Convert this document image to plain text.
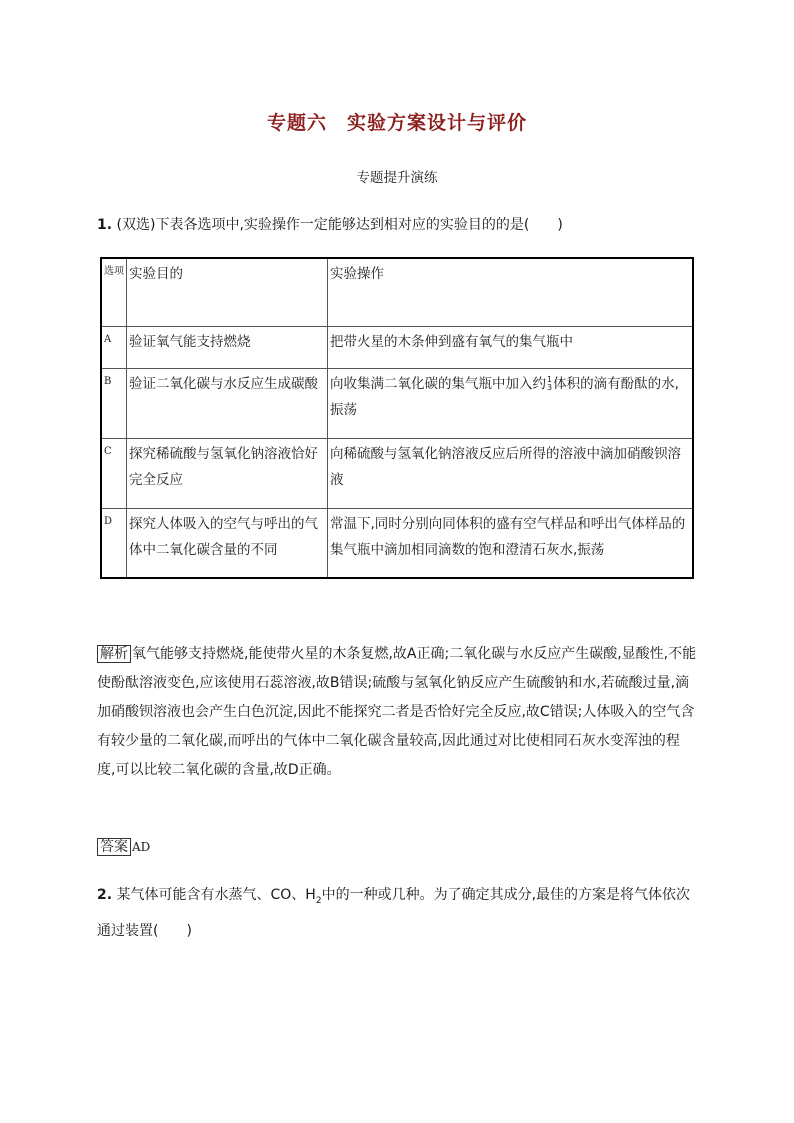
专题六　实验方案设计与评价
专题提升演练
1. (双选)下表各选项中,实验操作一定能够达到相对应的实验目的的是(　　)
选项	实验目的	实验操作
A	验证氧气能支持燃烧	把带火星的木条伸到盛有氧气的集气瓶中
B	验证二氧化碳与水反应生成碳酸	向收集满二氧化碳的集气瓶中加入约 1
3 体积的滴有酚酞的水,振荡
C	探究稀硫酸与氢氧化钠溶液恰好完全反应	向稀硫酸与氢氧化钠溶液反应后所得的溶液中滴加硝酸钡溶液
D	探究人体吸入的空气与呼出的气体中二氧化碳含量的不同	常温下,同时分别向同体积的盛有空气样品和呼出气体样品的集气瓶中滴加相同滴数的饱和澄清石灰水,振荡
解析 氧气能够支持燃烧,能使带火星的木条复燃,故A正确;二氧化碳与水反应产生碳酸,显酸性,不能使酚酞溶液变色,应该使用石蕊溶液,故B错误;硫酸与氢氧化钠反应产生硫酸钠和水,若硫酸过量,滴加硝酸钡溶液也会产生白色沉淀,因此不能探究二者是否恰好完全反应,故C错误;人体吸入的空气含有较少量的二氧化碳,而呼出的气体中二氧化碳含量较高,因此通过对比使相同石灰水变浑浊的程度,可以比较二氧化碳的含量,故D正确。
答案 AD
2. 某气体可能含有水蒸气、CO、$H_2$中的一种或几种。为了确定其成分,最佳的方案是将气体依次通过装置(　　)
